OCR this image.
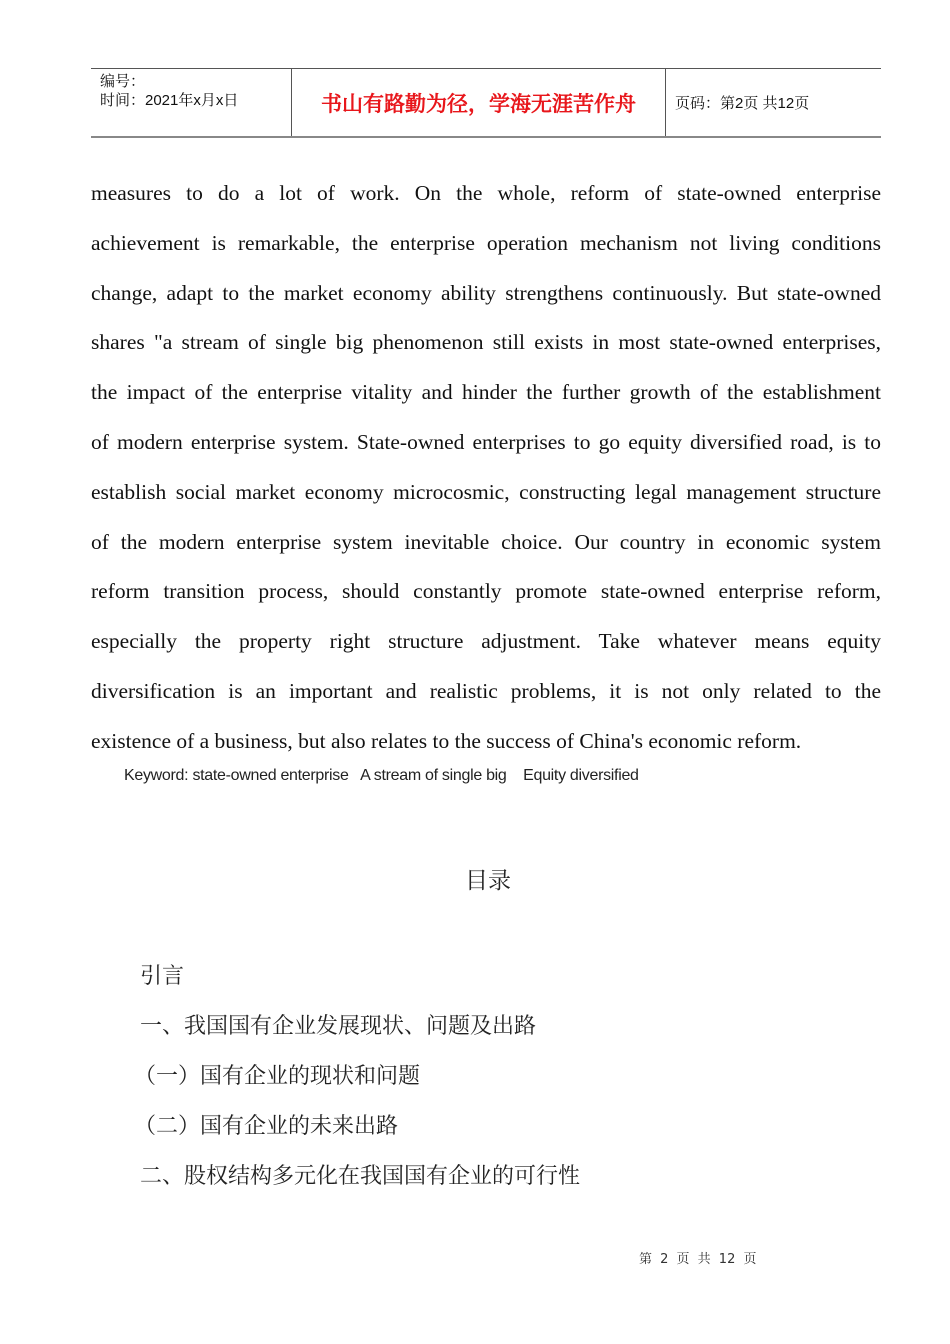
编号：
时间：2021年x月x日	书山有路勤为径，学海无涯苦作舟	页码：第2页 共12页
measures to do a lot of work. On the whole, reform of state-owned enterprise
achievement is remarkable, the enterprise operation mechanism not living conditions
change, adapt to the market economy ability strengthens continuously. But state-owned
shares "a stream of single big phenomenon still exists in most state-owned enterprises,
the impact of the enterprise vitality and hinder the further growth of the establishment
of modern enterprise system. State-owned enterprises to go equity diversified road, is to
establish social market economy microcosmic, constructing legal management structure
of the modern enterprise system inevitable choice. Our country in economic system
reform transition process, should constantly promote state-owned enterprise reform,
especially the property right structure adjustment. Take whatever means equity
diversification is an important and realistic problems, it is not only related to the
existence of a business, but also relates to the success of China's economic reform.
Keyword: state-owned enterprise   A stream of single big    Equity diversified
目录
引言
一、我国国有企业发展现状、问题及出路
（一）国有企业的现状和问题
（二）国有企业的未来出路
二、股权结构多元化在我国国有企业的可行性
第 2 页 共 12 页
